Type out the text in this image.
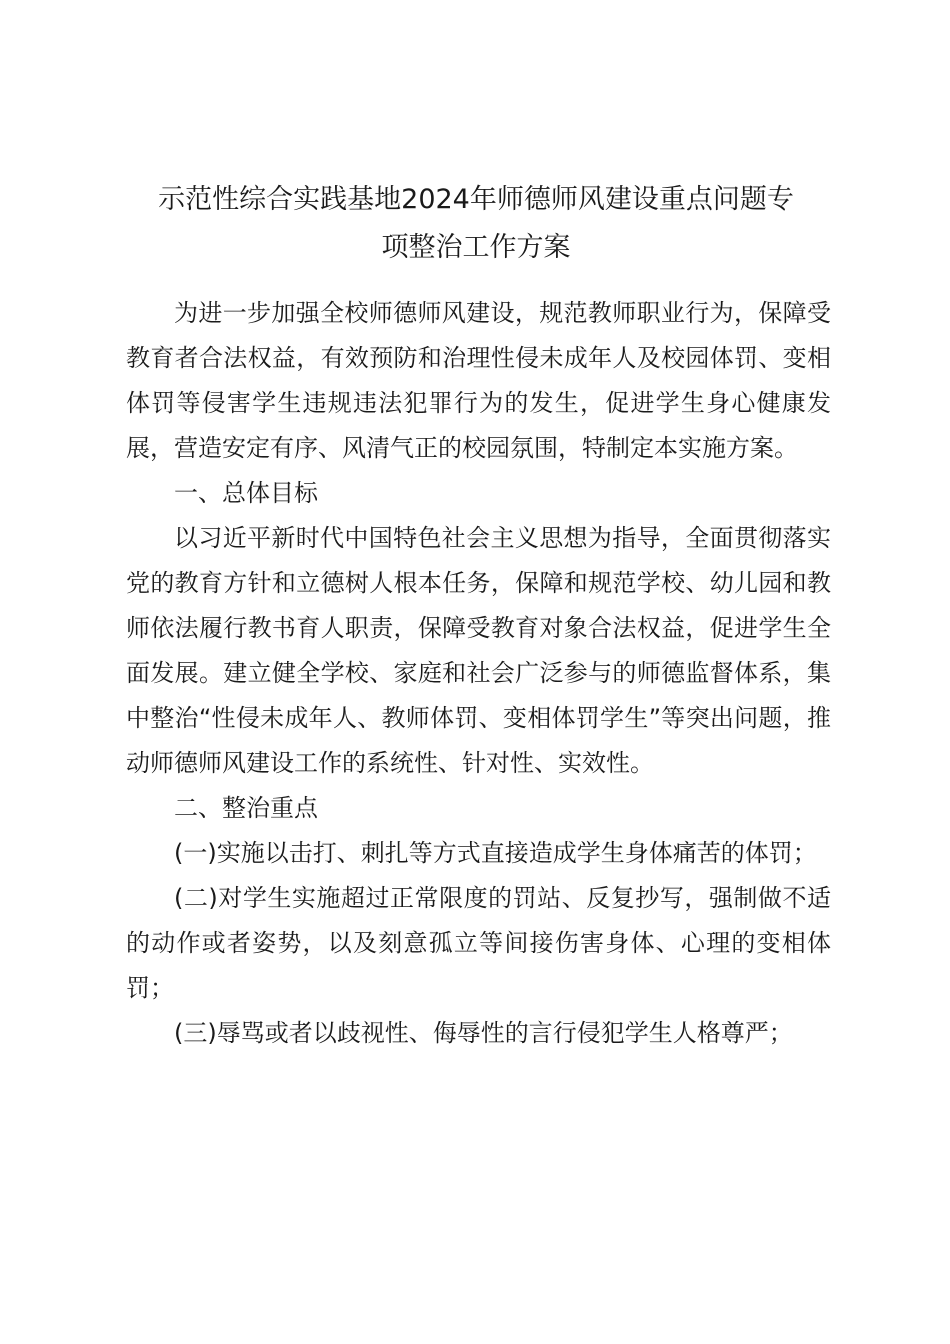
示范性综合实践基地2024年师德师风建设重点问题专
项整治工作方案

为进一步加强全校师德师风建设，规范教师职业行为，保障受教育者合法权益，有效预防和治理性侵未成年人及校园体罚、变相体罚等侵害学生违规违法犯罪行为的发生，促进学生身心健康发展，营造安定有序、风清气正的校园氛围，特制定本实施方案。

一、总体目标

以习近平新时代中国特色社会主义思想为指导，全面贯彻落实党的教育方针和立德树人根本任务，保障和规范学校、幼儿园和教师依法履行教书育人职责，保障受教育对象合法权益，促进学生全面发展。建立健全学校、家庭和社会广泛参与的师德监督体系，集中整治“性侵未成年人、教师体罚、变相体罚学生”等突出问题，推动师德师风建设工作的系统性、针对性、实效性。

二、整治重点

(一)实施以击打、刺扎等方式直接造成学生身体痛苦的体罚；

(二)对学生实施超过正常限度的罚站、反复抄写，强制做不适的动作或者姿势，以及刻意孤立等间接伤害身体、心理的变相体罚；

(三)辱骂或者以歧视性、侮辱性的言行侵犯学生人格尊严；
